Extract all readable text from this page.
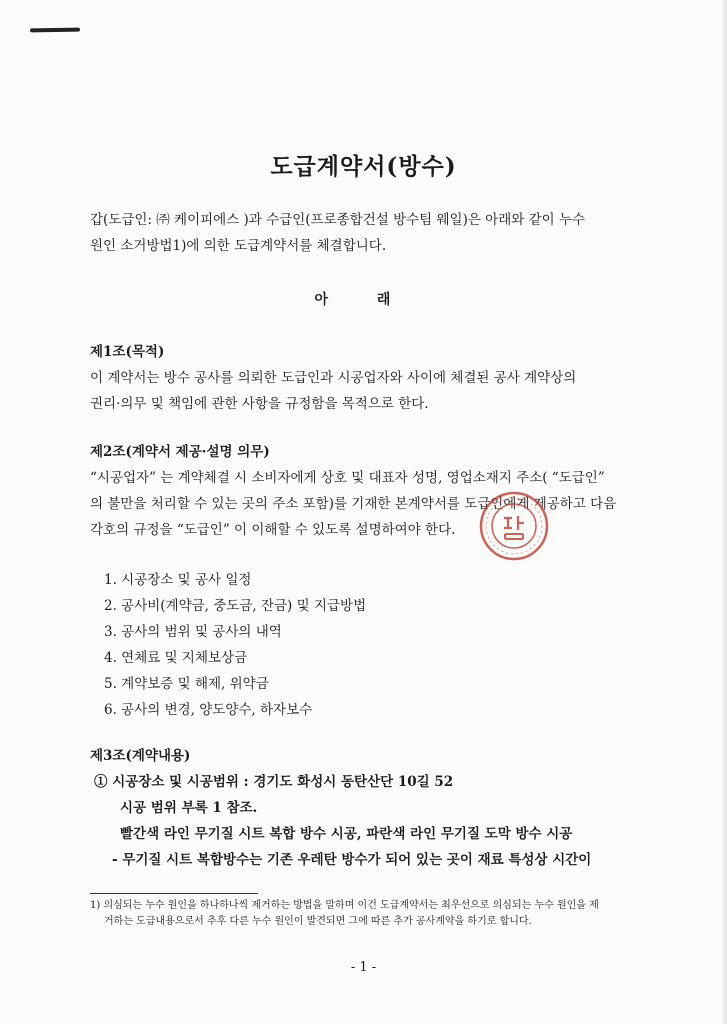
도급계약서(방수)
갑(도급인: ㈜ 케이피에스 )과 수급인(프로종합건설 방수팀 웨일)은 아래와 같이 누수
원인 소거방법1)에 의한 도급계약서를 체결합니다.
아 래
제1조(목적)
이 계약서는 방수 공사를 의뢰한 도급인과 시공업자와 사이에 체결된 공사 계약상의
권리·의무 및 책임에 관한 사항을 규정함을 목적으로 한다.
제2조(계약서 제공·설명 의무)
“시공업자” 는 계약체결 시 소비자에게 상호 및 대표자 성명, 영업소재지 주소( “도급인”
의 불만을 처리할 수 있는 곳의 주소 포함)를 기재한 본계약서를 도급인에게 제공하고 다음
각호의 규정을 “도급인” 이 이해할 수 있도록 설명하여야 한다.
1. 시공장소 및 공사 일정
2. 공사비(계약금, 중도금, 잔금) 및 지급방법
3. 공사의 범위 및 공사의 내역
4. 연체료 및 지체보상금
5. 계약보증 및 해제, 위약금
6. 공사의 변경, 양도양수, 하자보수
제3조(계약내용)
① 시공장소 및 시공범위 : 경기도 화성시 동탄산단 10길 52
시공 범위 부록 1 참조.
빨간색 라인 무기질 시트 복합 방수 시공, 파란색 라인 무기질 도막 방수 시공
- 무기질 시트 복합방수는 기존 우레탄 방수가 되어 있는 곳이 재료 특성상 시간이
1) 의심되는 누수 원인을 하나하나씩 제거하는 방법을 말하며 이건 도급계약서는 최우선으로 의심되는 누수 원인을 제
거하는 도급내용으로서 추후 다른 누수 원인이 발견되면 그에 따른 추가 공사계약을 하기로 합니다.
- 1 -
